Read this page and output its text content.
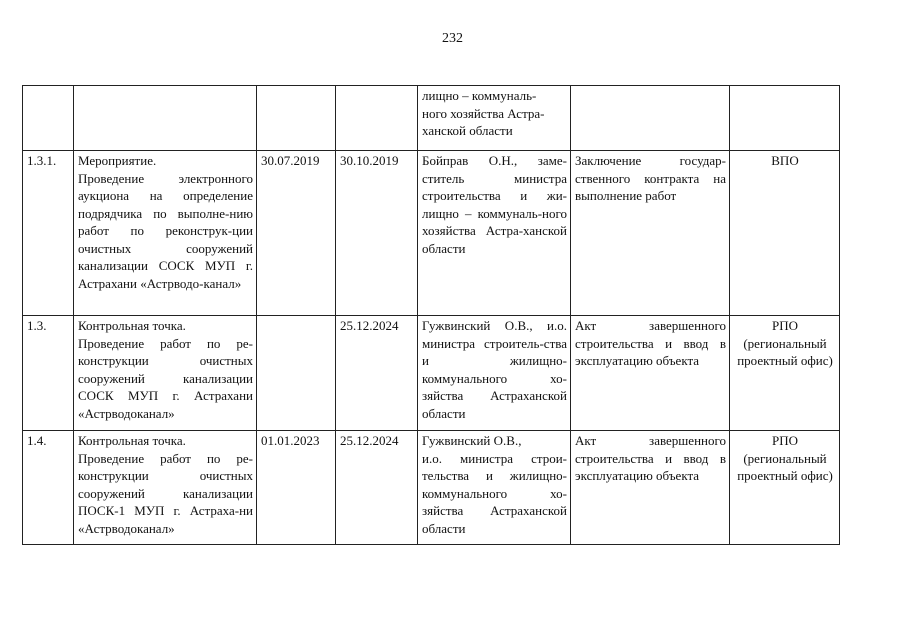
232

				лищно – коммуналь-
ного хозяйства Астра-
ханской области		

1.3.1.	Мероприятие.
Проведение электронного аукциона на определение подрядчика по выполне-нию работ по реконструк-ции очистных сооружений канализации СОСК МУП г. Астрахани «Астрводо-канал»	30.07.2019	30.10.2019	Бойправ О.Н., заме-ститель министра строительства и жи-лищно – коммуналь-ного хозяйства Астра-ханской области	Заключение государ-ственного контракта на выполнение работ	ВПО
1.3.	Контрольная точка.
Проведение работ по ре-конструкции очистных сооружений канализации СОСК МУП г. Астрахани «Астрводоканал»		25.12.2024	Гужвинский О.В., и.о. министра строитель-ства и жилищно-коммунального хо-зяйства Астраханской области	Акт завершенного строительства и ввод в эксплуатацию объекта	РПО (региональный проектный офис)
1.4.	Контрольная точка.
Проведение работ по ре-конструкции очистных сооружений канализации ПОСК-1 МУП г. Астраха-ни «Астрводоканал»	01.01.2023	25.12.2024	Гужвинский О.В.,
и.о. министра строи-тельства и жилищно-коммунального хо-зяйства Астраханской области	Акт завершенного строительства и ввод в эксплуатацию объекта	РПО (региональный проектный офис)
